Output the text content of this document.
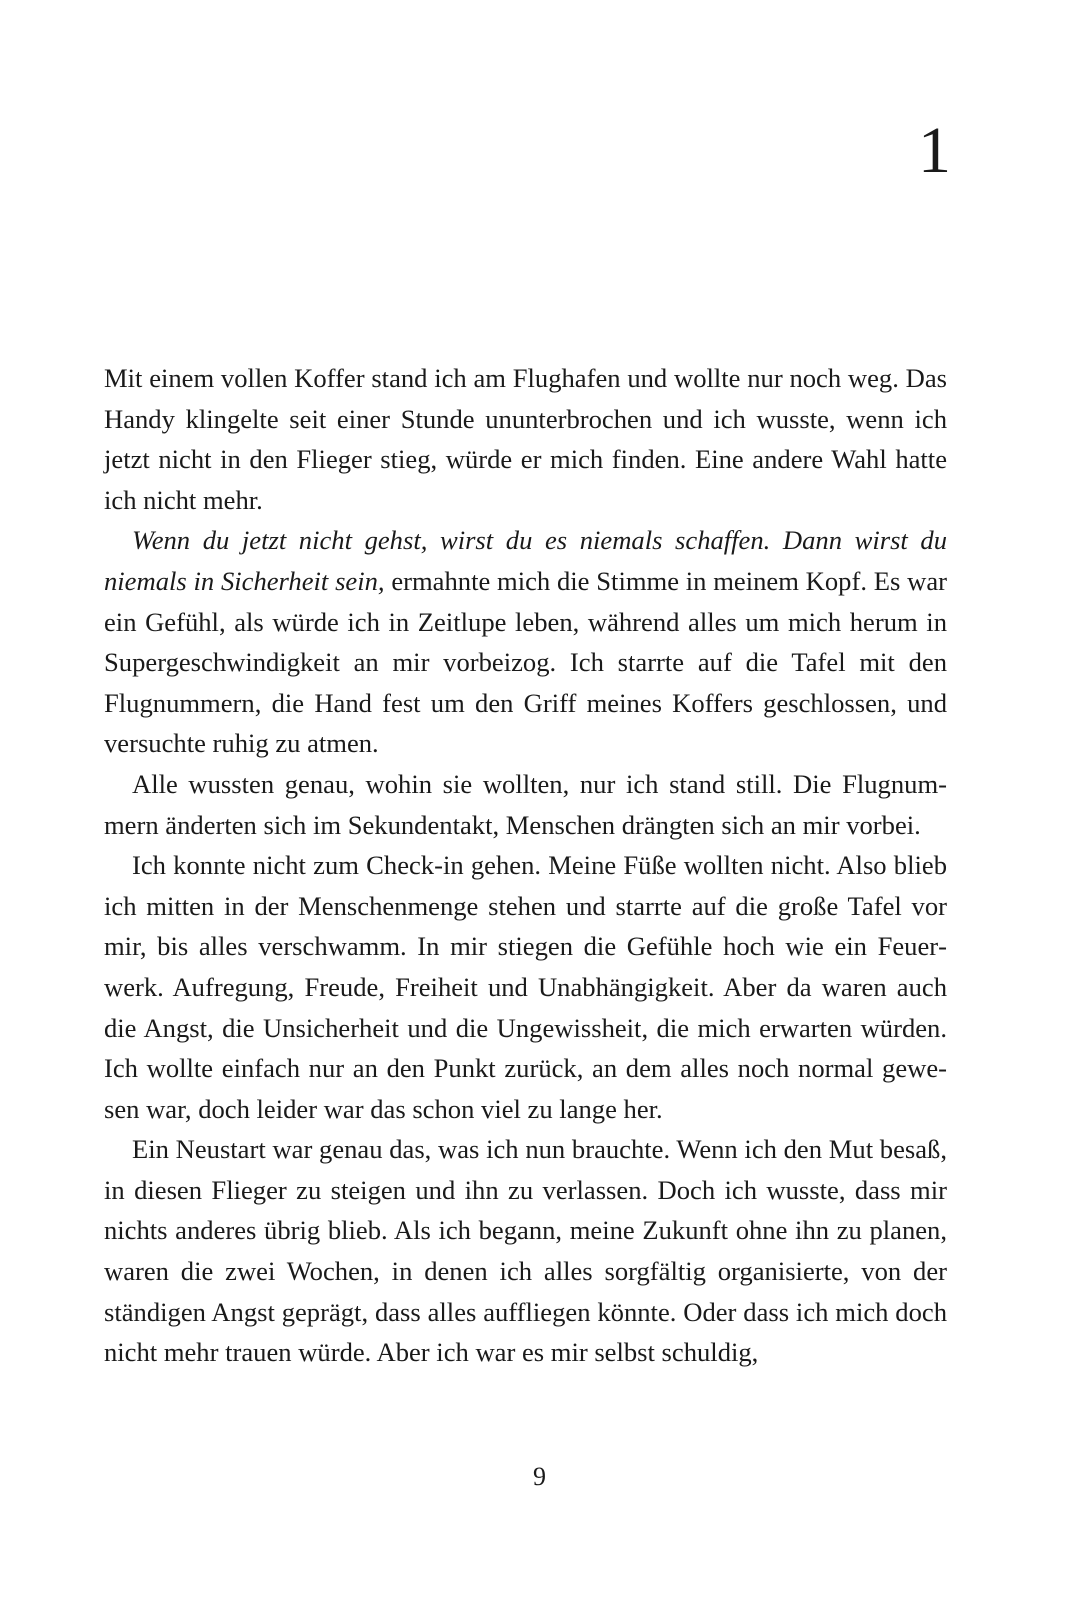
1

Mit einem vollen Koffer stand ich am Flughafen und wollte nur noch weg. Das Handy klingelte seit einer Stunde ununterbrochen und ich wusste, wenn ich jetzt nicht in den Flieger stieg, würde er mich finden. Eine andere Wahl hatte ich nicht mehr.

Wenn du jetzt nicht gehst, wirst du es niemals schaffen. Dann wirst du niemals in Sicherheit sein, ermahnte mich die Stimme in meinem Kopf. Es war ein Gefühl, als würde ich in Zeitlupe leben, während alles um mich herum in Supergeschwindigkeit an mir vorbeizog. Ich starrte auf die Tafel mit den Flugnummern, die Hand fest um den Griff meines Koffers geschlossen, und versuchte ruhig zu atmen.

Alle wussten genau, wohin sie wollten, nur ich stand still. Die Flugnummern änderten sich im Sekundentakt, Menschen drängten sich an mir vorbei.

Ich konnte nicht zum Check-in gehen. Meine Füße wollten nicht. Also blieb ich mitten in der Menschenmenge stehen und starrte auf die große Tafel vor mir, bis alles verschwamm. In mir stiegen die Gefühle hoch wie ein Feuerwerk. Aufregung, Freude, Freiheit und Unabhängigkeit. Aber da waren auch die Angst, die Unsicherheit und die Ungewissheit, die mich erwarten würden. Ich wollte einfach nur an den Punkt zurück, an dem alles noch normal gewesen war, doch leider war das schon viel zu lange her.

Ein Neustart war genau das, was ich nun brauchte. Wenn ich den Mut besaß, in diesen Flieger zu steigen und ihn zu verlassen. Doch ich wusste, dass mir nichts anderes übrig blieb. Als ich begann, meine Zukunft ohne ihn zu planen, waren die zwei Wochen, in denen ich alles sorgfältig organisierte, von der ständigen Angst geprägt, dass alles auffliegen könnte. Oder dass ich mich doch nicht mehr trauen würde. Aber ich war es mir selbst schuldig,

9
